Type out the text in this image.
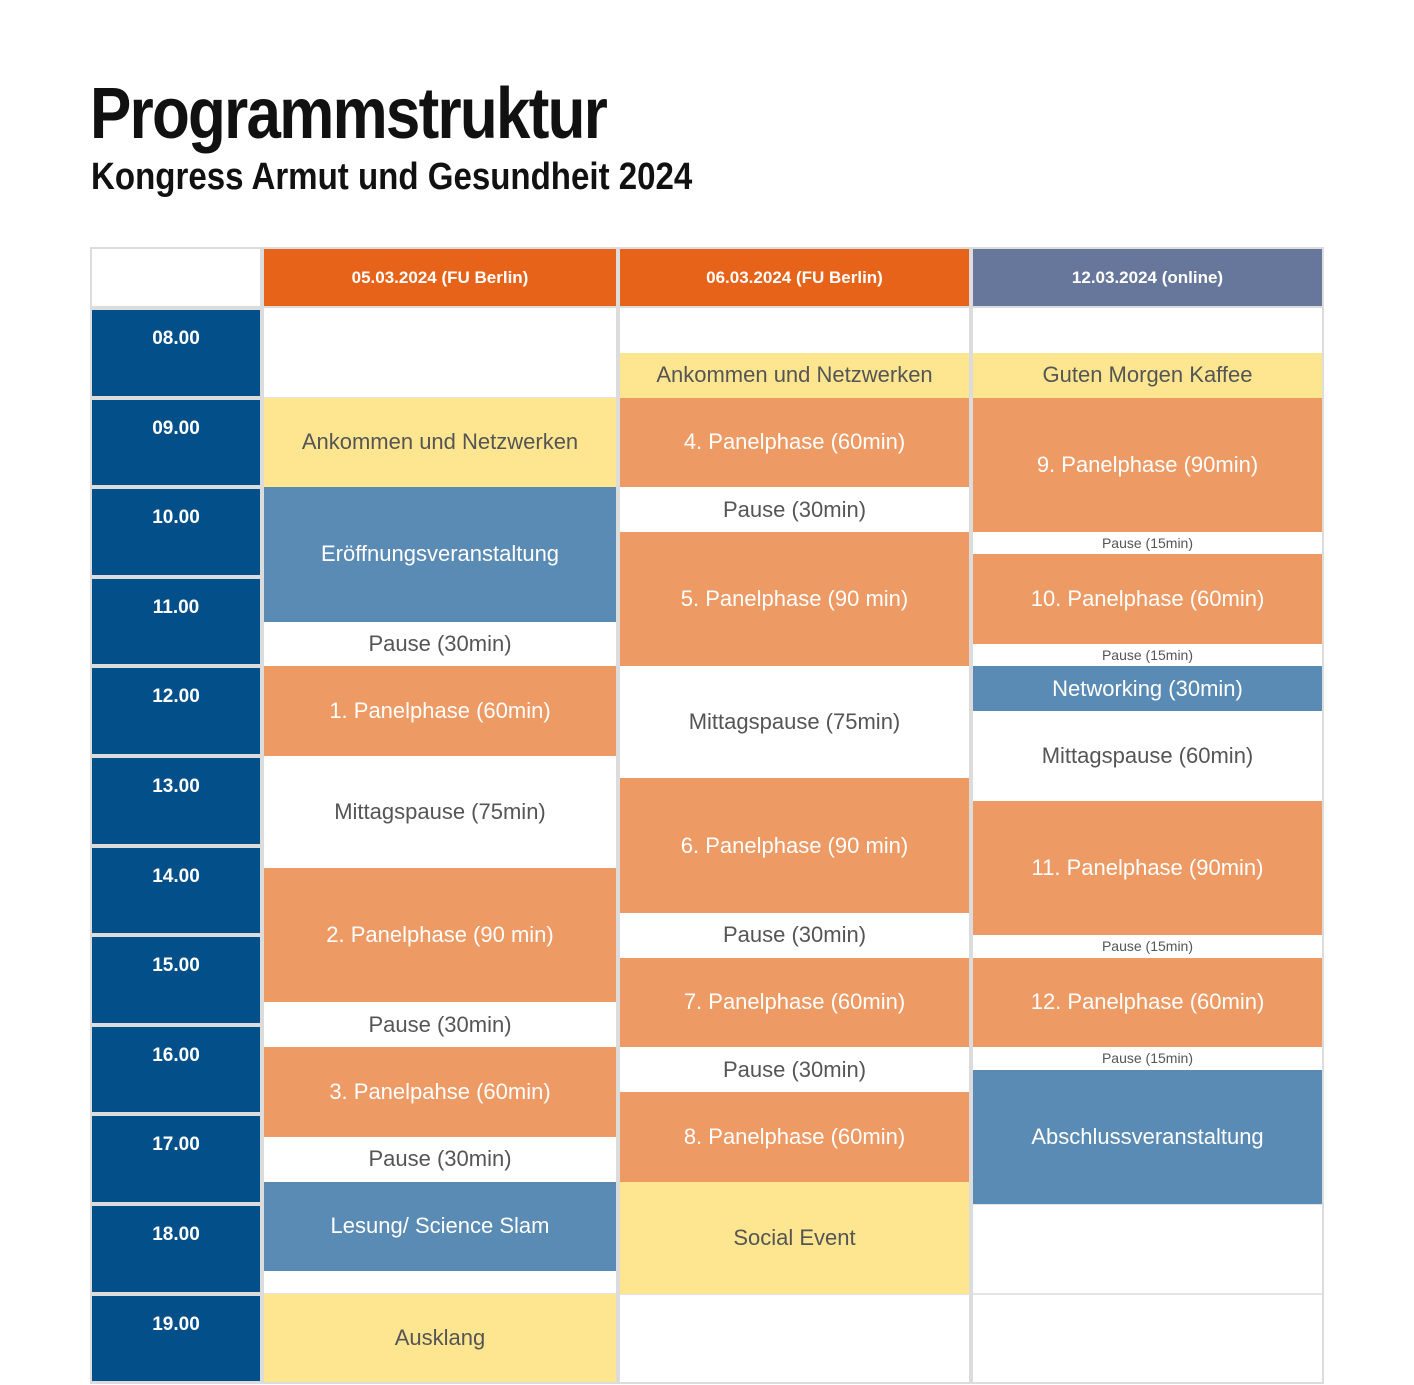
Programmstruktur
Kongress Armut und Gesundheit 2024
05.03.2024 (FU Berlin)	06.03.2024 (FU Berlin)	12.03.2024 (online)
Ankommen und Netzwerken
Eröffnungsveranstaltung
Pause (30min)
1. Panelphase (60min)
Mittagspause (75min)
2. Panelphase (90 min)
Pause (30min)
3. Panelpahse (60min)
Pause (30min)
Lesung/ Science Slam
Ausklang
Ankommen und Netzwerken
4. Panelphase (60min)
Pause (30min)
5. Panelphase (90 min)
Mittagspause (75min)
6. Panelphase (90 min)
Pause (30min)
7. Panelphase (60min)
Pause (30min)
8. Panelphase (60min)
Social Event
Guten Morgen Kaffee
9. Panelphase (90min)
Pause (15min)
10. Panelphase (60min)
Pause (15min)
Networking (30min)
Mittagspause (60min)
11. Panelphase (90min)
Pause (15min)
12. Panelphase (60min)
Pause (15min)
Abschlussveranstaltung
08.00
09.00
10.00
11.00
12.00
13.00
14.00
15.00
16.00
17.00
18.00
19.00
